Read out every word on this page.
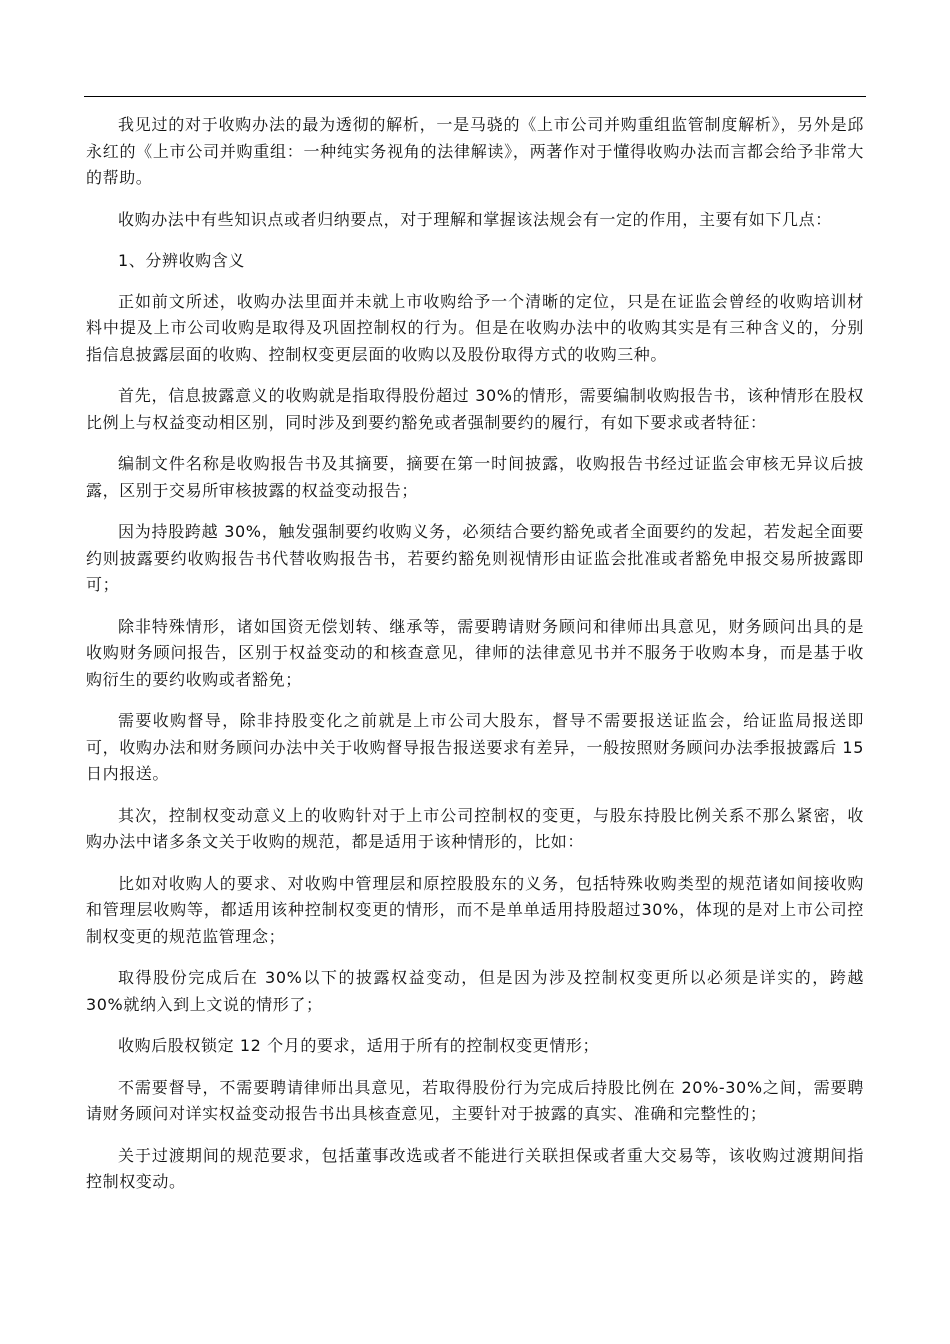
我见过的对于收购办法的最为透彻的解析，一是马骁的《上市公司并购重组监管制度解析》，另外是邱永红的《上市公司并购重组：一种纯实务视角的法律解读》，两著作对于懂得收购办法而言都会给予非常大的帮助。

收购办法中有些知识点或者归纳要点，对于理解和掌握该法规会有一定的作用，主要有如下几点：

1、分辨收购含义

正如前文所述，收购办法里面并未就上市收购给予一个清晰的定位，只是在证监会曾经的收购培训材料中提及上市公司收购是取得及巩固控制权的行为。但是在收购办法中的收购其实是有三种含义的，分别指信息披露层面的收购、控制权变更层面的收购以及股份取得方式的收购三种。

首先，信息披露意义的收购就是指取得股份超过 30%的情形，需要编制收购报告书，该种情形在股权比例上与权益变动相区别，同时涉及到要约豁免或者强制要约的履行，有如下要求或者特征：

编制文件名称是收购报告书及其摘要，摘要在第一时间披露，收购报告书经过证监会审核无异议后披露，区别于交易所审核披露的权益变动报告；

因为持股跨越 30%，触发强制要约收购义务，必须结合要约豁免或者全面要约的发起，若发起全面要约则披露要约收购报告书代替收购报告书，若要约豁免则视情形由证监会批准或者豁免申报交易所披露即可；

除非特殊情形，诸如国资无偿划转、继承等，需要聘请财务顾问和律师出具意见，财务顾问出具的是收购财务顾问报告，区别于权益变动的和核查意见，律师的法律意见书并不服务于收购本身，而是基于收购衍生的要约收购或者豁免；

需要收购督导，除非持股变化之前就是上市公司大股东，督导不需要报送证监会，给证监局报送即可，收购办法和财务顾问办法中关于收购督导报告报送要求有差异，一般按照财务顾问办法季报披露后 15 日内报送。

其次，控制权变动意义上的收购针对于上市公司控制权的变更，与股东持股比例关系不那么紧密，收购办法中诸多条文关于收购的规范，都是适用于该种情形的，比如：

比如对收购人的要求、对收购中管理层和原控股股东的义务，包括特殊收购类型的规范诸如间接收购和管理层收购等，都适用该种控制权变更的情形，而不是单单适用持股超过30%，体现的是对上市公司控制权变更的规范监管理念；

取得股份完成后在 30%以下的披露权益变动，但是因为涉及控制权变更所以必须是详实的，跨越 30%就纳入到上文说的情形了；

收购后股权锁定 12 个月的要求，适用于所有的控制权变更情形；

不需要督导，不需要聘请律师出具意见，若取得股份行为完成后持股比例在 20%-30%之间，需要聘请财务顾问对详实权益变动报告书出具核查意见，主要针对于披露的真实、准确和完整性的；

关于过渡期间的规范要求，包括董事改选或者不能进行关联担保或者重大交易等，该收购过渡期间指控制权变动。
